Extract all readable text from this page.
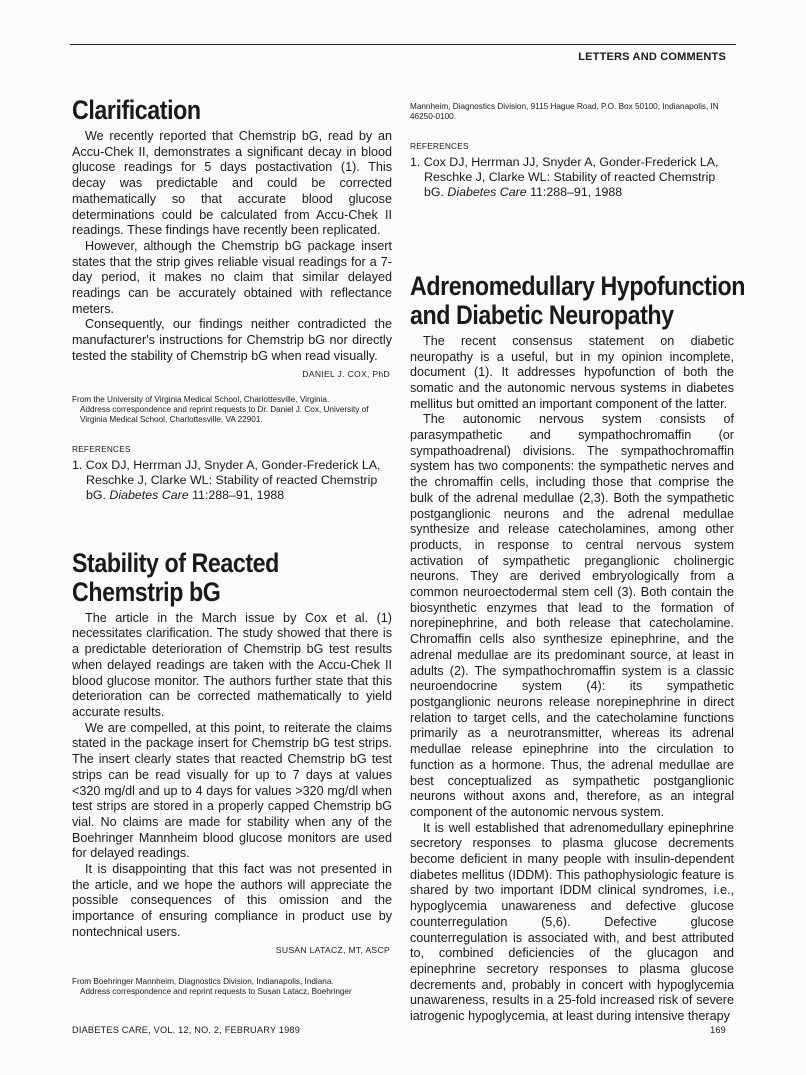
LETTERS AND COMMENTS
Clarification

We recently reported that Chemstrip bG, read by an Accu-Chek II, demonstrates a significant decay in blood glucose readings for 5 days postactivation (1). This decay was predictable and could be corrected mathematically so that accurate blood glucose determinations could be calculated from Accu-Chek II readings. These findings have recently been replicated.

However, although the Chemstrip bG package insert states that the strip gives reliable visual readings for a 7-day period, it makes no claim that similar delayed readings can be accurately obtained with reflectance meters.

Consequently, our findings neither contradicted the manufacturer's instructions for Chemstrip bG nor directly tested the stability of Chemstrip bG when read visually.

DANIEL J. COX, PhD

From the University of Virginia Medical School, Charlottesville, Virginia.
Address correspondence and reprint requests to Dr. Daniel J. Cox, University of Virginia Medical School, Charlottesville, VA 22901.

REFERENCES

1. Cox DJ, Herrman JJ, Snyder A, Gonder-Frederick LA, Reschke J, Clarke WL: Stability of reacted Chemstrip bG. Diabetes Care 11:288–91, 1988

Stability of Reacted
Chemstrip bG

The article in the March issue by Cox et al. (1) necessitates clarification. The study showed that there is a predictable deterioration of Chemstrip bG test results when delayed readings are taken with the Accu-Chek II blood glucose monitor. The authors further state that this deterioration can be corrected mathematically to yield accurate results.

We are compelled, at this point, to reiterate the claims stated in the package insert for Chemstrip bG test strips. The insert clearly states that reacted Chemstrip bG test strips can be read visually for up to 7 days at values <320 mg/dl and up to 4 days for values >320 mg/dl when test strips are stored in a properly capped Chemstrip bG vial. No claims are made for stability when any of the Boehringer Mannheim blood glucose monitors are used for delayed readings.

It is disappointing that this fact was not presented in the article, and we hope the authors will appreciate the possible consequences of this omission and the importance of ensuring compliance in product use by nontechnical users.

SUSAN LATACZ, MT, ASCP

From Boehringer Mannheim, Diagnostics Division, Indianapolis, Indiana.
Address correspondence and reprint requests to Susan Latacz, Boehringer

Mannheim, Diagnostics Division, 9115 Hague Road, P.O. Box 50100, Indianapolis, IN 46250-0100.

REFERENCES

1. Cox DJ, Herrman JJ, Snyder A, Gonder-Frederick LA, Reschke J, Clarke WL: Stability of reacted Chemstrip bG. Diabetes Care 11:288–91, 1988

Adrenomedullary Hypofunction
and Diabetic Neuropathy

The recent consensus statement on diabetic neuropathy is a useful, but in my opinion incomplete, document (1). It addresses hypofunction of both the somatic and the autonomic nervous systems in diabetes mellitus but omitted an important component of the latter.

The autonomic nervous system consists of parasympathetic and sympathochromaffin (or sympathoadrenal) divisions. The sympathochromaffin system has two components: the sympathetic nerves and the chromaffin cells, including those that comprise the bulk of the adrenal medullae (2,3). Both the sympathetic postganglionic neurons and the adrenal medullae synthesize and release catecholamines, among other products, in response to central nervous system activation of sympathetic preganglionic cholinergic neurons. They are derived embryologically from a common neuroectodermal stem cell (3). Both contain the biosynthetic enzymes that lead to the formation of norepinephrine, and both release that catecholamine. Chromaffin cells also synthesize epinephrine, and the adrenal medullae are its predominant source, at least in adults (2). The sympathochromaffin system is a classic neuroendocrine system (4): its sympathetic postganglionic neurons release norepinephrine in direct relation to target cells, and the catecholamine functions primarily as a neurotransmitter, whereas its adrenal medullae release epinephrine into the circulation to function as a hormone. Thus, the adrenal medullae are best conceptualized as sympathetic postganglionic neurons without axons and, therefore, as an integral component of the autonomic nervous system.

It is well established that adrenomedullary epinephrine secretory responses to plasma glucose decrements become deficient in many people with insulin-dependent diabetes mellitus (IDDM). This pathophysiologic feature is shared by two important IDDM clinical syndromes, i.e., hypoglycemia unawareness and defective glucose counterregulation (5,6). Defective glucose counterregulation is associated with, and best attributed to, combined deficiencies of the glucagon and epinephrine secretory responses to plasma glucose decrements and, probably in concert with hypoglycemia unawareness, results in a 25-fold increased risk of severe iatrogenic hypoglycemia, at least during intensive therapy

DIABETES CARE, VOL. 12, NO. 2, FEBRUARY 1989	169
